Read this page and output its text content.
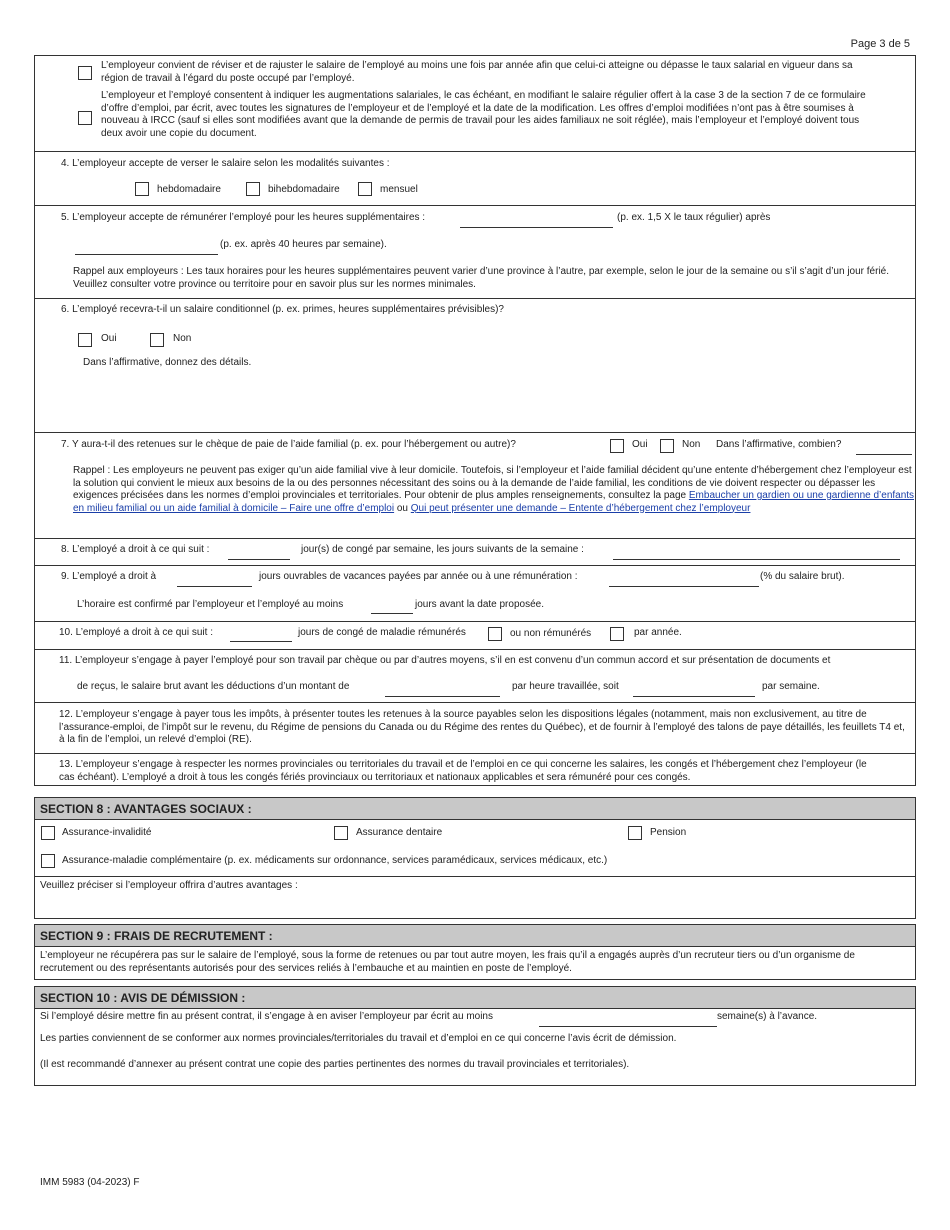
Page 3 de 5
L’employeur convient de réviser et de rajuster le salaire de l’employé au moins une fois par année afin que celui-ci atteigne ou dépasse le taux salarial en vigueur dans sa région de travail à l’égard du poste occupé par l’employé.
L’employeur et l’employé consentent à indiquer les augmentations salariales, le cas échéant, en modifiant le salaire régulier offert à la case 3 de la section 7 de ce formulaire d’offre d’emploi, par écrit, avec toutes les signatures de l’employeur et de l’employé et la date de la modification. Les offres d’emploi modifiées n’ont pas à être soumises à nouveau à IRCC (sauf si elles sont modifiées avant que la demande de permis de travail pour les aides familiaux ne soit réglée), mais l’employeur et l’employé doivent tous deux avoir une copie du document.
4. L’employeur accepte de verser le salaire selon les modalités suivantes :
hebdomadaire	bihebdomadaire	mensuel
5. L’employeur accepte de rémunérer l’employé pour les heures supplémentaires :	(p. ex. 1,5 X le taux régulier) après
(p. ex. après 40 heures par semaine).
Rappel aux employeurs : Les taux horaires pour les heures supplémentaires peuvent varier d’une province à l’autre, par exemple, selon le jour de la semaine ou s’il s’agit d’un jour férié. Veuillez consulter votre province ou territoire pour en savoir plus sur les normes minimales.
6. L’employé recevra-t-il un salaire conditionnel (p. ex. primes, heures supplémentaires prévisibles)?
Oui	Non
Dans l’affirmative, donnez des détails.
7. Y aura-t-il des retenues sur le chèque de paie de l’aide familial (p. ex. pour l’hébergement ou autre)?	Oui	Non Dans l’affirmative, combien?
Rappel : Les employeurs ne peuvent pas exiger qu’un aide familial vive à leur domicile. Toutefois, si l’employeur et l’aide familial décident qu’une entente d’hébergement chez l’employeur est la solution qui convient le mieux aux besoins de la ou des personnes nécessitant des soins ou à la demande de l’aide familial, les conditions de vie doivent respecter ou dépasser les exigences précisées dans les normes d’emploi provinciales et territoriales. Pour obtenir de plus amples renseignements, consultez la page Embaucher un gardien ou une gardienne d’enfants en milieu familial ou un aide familial à domicile – Faire une offre d’emploi ou Qui peut présenter une demande – Entente d’hébergement chez l’employeur
8. L’employé a droit à ce qui suit :	jour(s) de congé par semaine, les jours suivants de la semaine :
9. L’employé a droit à	jours ouvrables de vacances payées par année ou à une rémunération :	(% du salaire brut).
L’horaire est confirmé par l’employeur et l’employé au moins	jours avant la date proposée.
10. L’employé a droit à ce qui suit :	jours de congé de maladie rémunérés	ou non rémunérés	par année.
11. L’employeur s’engage à payer l’employé pour son travail par chèque ou par d’autres moyens, s’il en est convenu d’un commun accord et sur présentation de documents et
de reçus, le salaire brut avant les déductions d’un montant de	par heure travaillée, soit	par semaine.
12. L’employeur s’engage à payer tous les impôts, à présenter toutes les retenues à la source payables selon les dispositions légales (notamment, mais non exclusivement, au titre de l’assurance-emploi, de l’impôt sur le revenu, du Régime de pensions du Canada ou du Régime des rentes du Québec), et de fournir à l’employé des talons de paye détaillés, les feuillets T4 et, à la fin de l’emploi, un relevé d’emploi (RE).
13. L’employeur s’engage à respecter les normes provinciales ou territoriales du travail et de l’emploi en ce qui concerne les salaires, les congés et l’hébergement chez l’employeur (le cas échéant). L’employé a droit à tous les congés fériés provinciaux ou territoriaux et nationaux applicables et sera rémunéré pour ces congés.
SECTION 8 : AVANTAGES SOCIAUX :
Assurance-invalidité	Assurance dentaire	Pension
Assurance-maladie complémentaire (p. ex. médicaments sur ordonnance, services paramédicaux, services médicaux, etc.)
Veuillez préciser si l’employeur offrira d’autres avantages :
SECTION 9 : FRAIS DE RECRUTEMENT :
L’employeur ne récupérera pas sur le salaire de l’employé, sous la forme de retenues ou par tout autre moyen, les frais qu’il a engagés auprès d’un recruteur tiers ou d’un organisme de recrutement ou des représentants autorisés pour des services reliés à l’embauche et au maintien en poste de l’employé.
SECTION 10 : AVIS DE DÉMISSION :
Si l’employé désire mettre fin au présent contrat, il s’engage à en aviser l’employeur par écrit au moins	semaine(s) à l’avance.
Les parties conviennent de se conformer aux normes provinciales/territoriales du travail et d’emploi en ce qui concerne l’avis écrit de démission.
(Il est recommandé d’annexer au présent contrat une copie des parties pertinentes des normes du travail provinciales et territoriales).
IMM 5983 (04-2023) F
